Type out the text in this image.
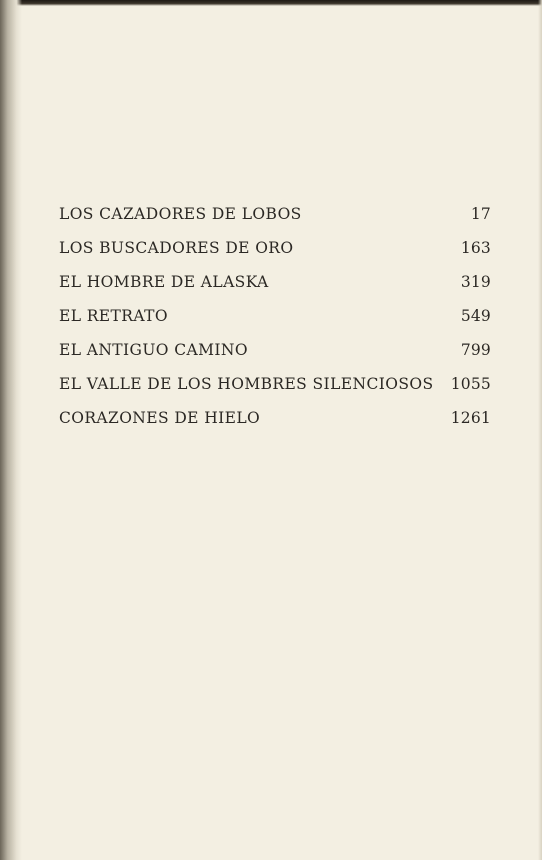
LOS CAZADORES DE LOBOS	17
LOS BUSCADORES DE ORO	163
EL HOMBRE DE ALASKA	319
EL RETRATO	549
EL ANTIGUO CAMINO	799
EL VALLE DE LOS HOMBRES SILENCIOSOS 1055
CORAZONES DE HIELO	1261
